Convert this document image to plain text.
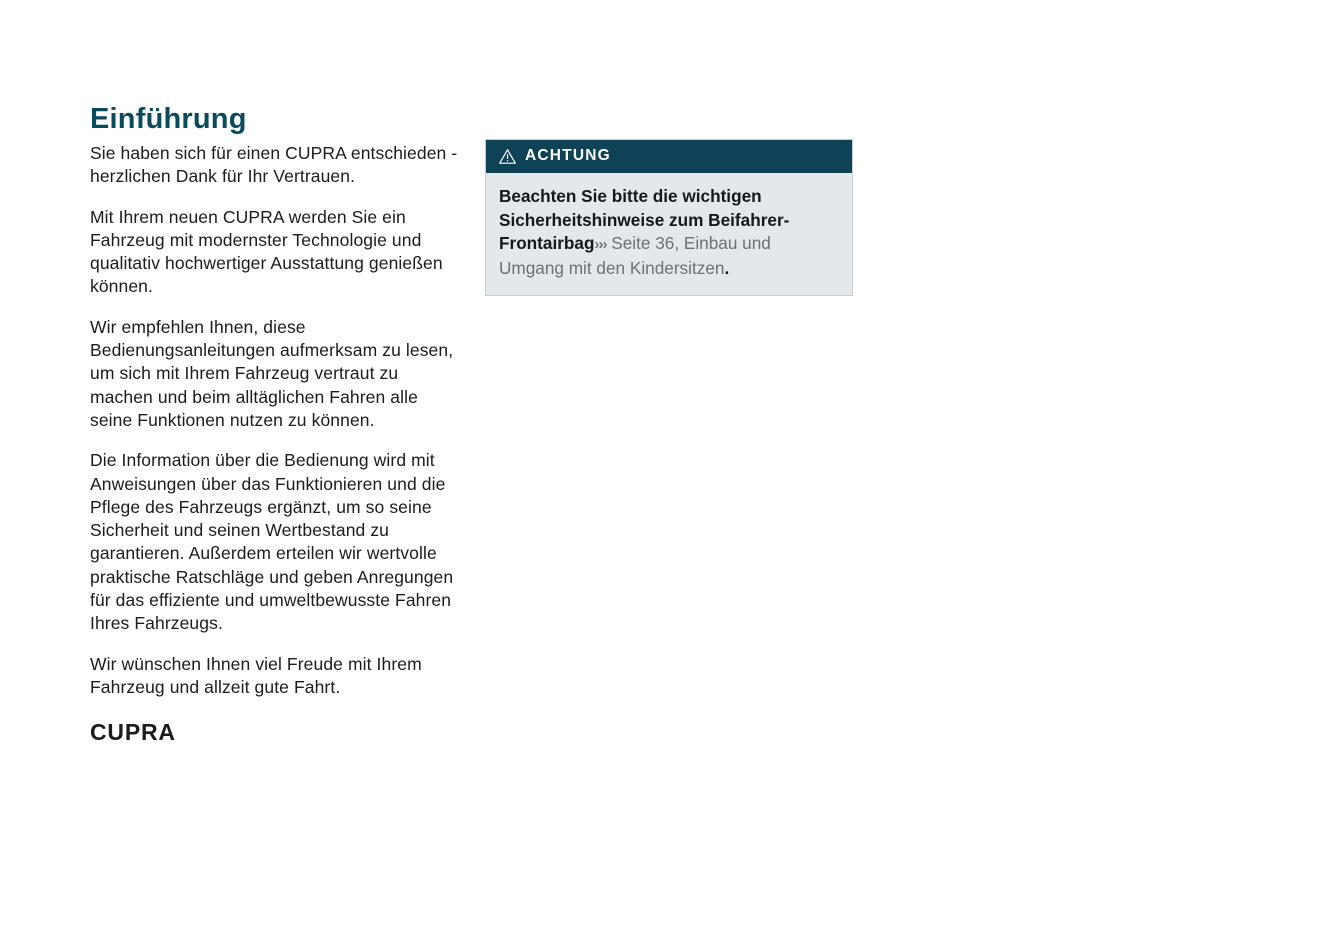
Einführung

Sie haben sich für einen CUPRA entschieden - herzlichen Dank für Ihr Vertrauen.

Mit Ihrem neuen CUPRA werden Sie ein Fahrzeug mit modernster Technologie und qualitativ hochwertiger Ausstattung genießen können.

Wir empfehlen Ihnen, diese Bedienungsanleitungen aufmerksam zu lesen, um sich mit Ihrem Fahrzeug vertraut zu machen und beim alltäglichen Fahren alle seine Funktionen nutzen zu können.

Die Information über die Bedienung wird mit Anweisungen über das Funktionieren und die Pflege des Fahrzeugs ergänzt, um so seine Sicherheit und seinen Wertbestand zu garantieren. Außerdem erteilen wir wertvolle praktische Ratschläge und geben Anregungen für das effiziente und umweltbewusste Fahren Ihres Fahrzeugs.

Wir wünschen Ihnen viel Freude mit Ihrem Fahrzeug und allzeit gute Fahrt.

CUPRA
ACHTUNG
Beachten Sie bitte die wichtigen Sicherheitshinweise zum Beifahrer-Frontairbag››› Seite 36, Einbau und Umgang mit den Kindersitzen.
